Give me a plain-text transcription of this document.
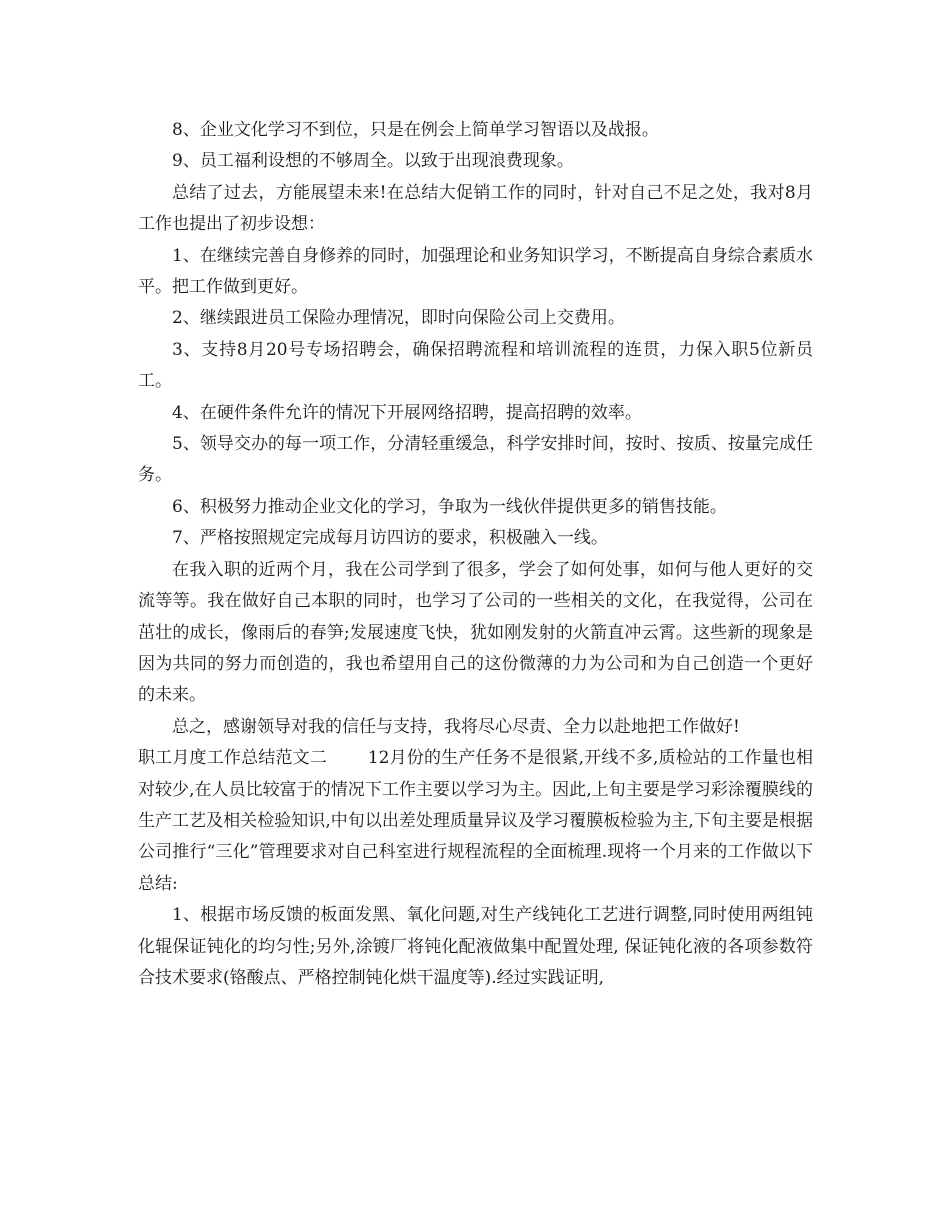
8、企业文化学习不到位，只是在例会上简单学习智语以及战报。

9、员工福利设想的不够周全。以致于出现浪费现象。

总结了过去，方能展望未来!在总结大促销工作的同时，针对自己不足之处，我对8月工作也提出了初步设想：

1、在继续完善自身修养的同时，加强理论和业务知识学习，不断提高自身综合素质水平。把工作做到更好。

2、继续跟进员工保险办理情况，即时向保险公司上交费用。

3、支持8月20号专场招聘会，确保招聘流程和培训流程的连贯，力保入职5位新员工。

4、在硬件条件允许的情况下开展网络招聘，提高招聘的效率。

5、领导交办的每一项工作，分清轻重缓急，科学安排时间，按时、按质、按量完成任务。

6、积极努力推动企业文化的学习，争取为一线伙伴提供更多的销售技能。

7、严格按照规定完成每月访四访的要求，积极融入一线。

在我入职的近两个月，我在公司学到了很多，学会了如何处事，如何与他人更好的交流等等。我在做好自己本职的同时，也学习了公司的一些相关的文化，在我觉得，公司在茁壮的成长，像雨后的春笋;发展速度飞快，犹如刚发射的火箭直冲云霄。这些新的现象是因为共同的努力而创造的，我也希望用自己的这份微薄的力为公司和为自己创造一个更好的未来。

总之，感谢领导对我的信任与支持，我将尽心尽责、全力以赴地把工作做好!

职工月度工作总结范文二 12月份的生产任务不是很紧,开线不多,质检站的工作量也相对较少,在人员比较富于的情况下工作主要以学习为主。因此,上旬主要是学习彩涂覆膜线的生产工艺及相关检验知识,中旬以出差处理质量异议及学习覆膜板检验为主,下旬主要是根据公司推行“三化”管理要求对自己科室进行规程流程的全面梳理.现将一个月来的工作做以下总结:

1、根据市场反馈的板面发黑、氧化问题,对生产线钝化工艺进行调整,同时使用两组钝化辊保证钝化的均匀性;另外,涂镀厂将钝化配液做集中配置处理, 保证钝化液的各项参数符合技术要求(铬酸点、严格控制钝化烘干温度等).经过实践证明,
